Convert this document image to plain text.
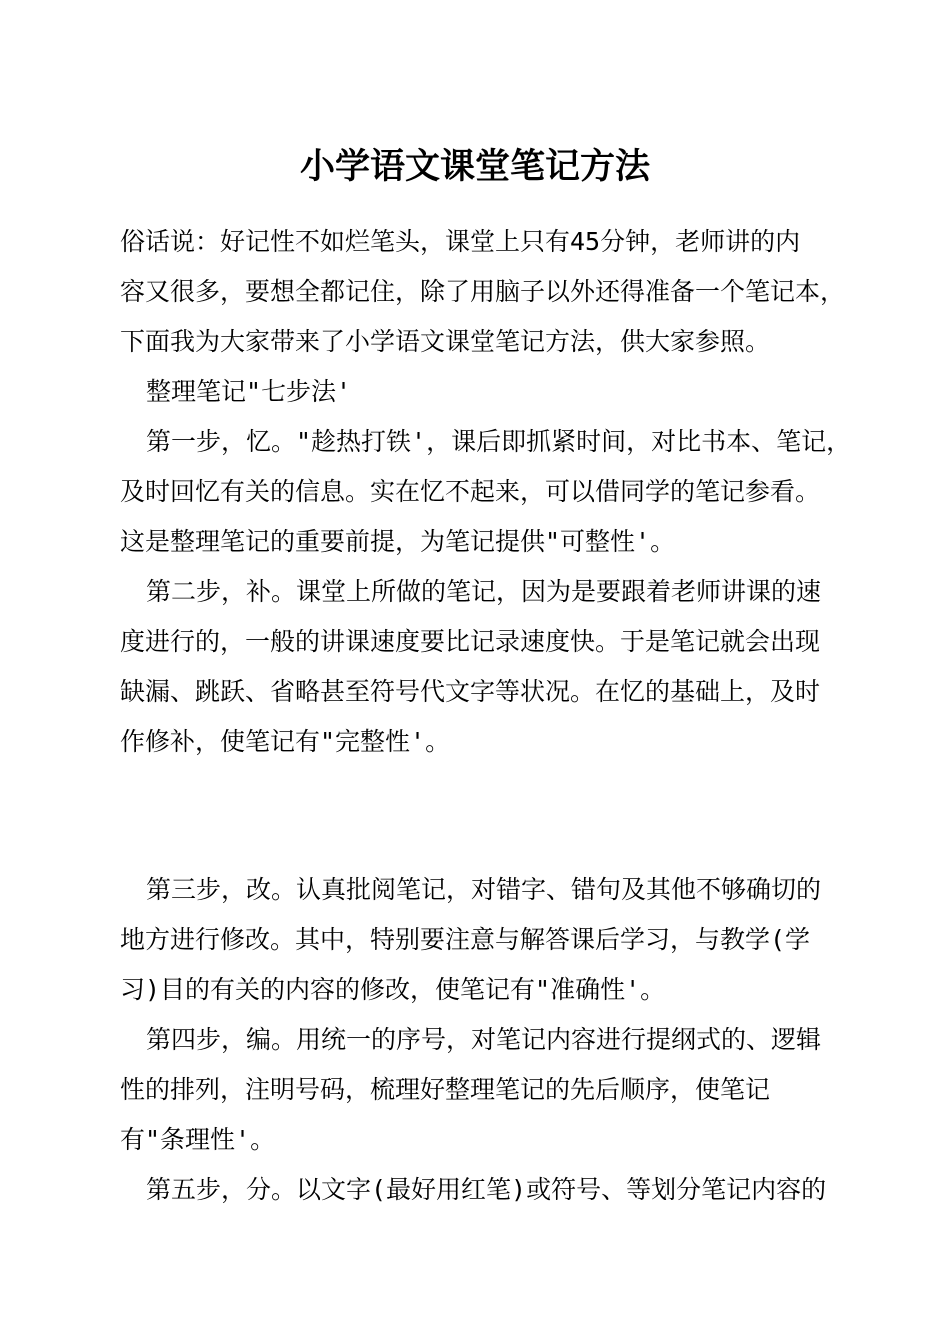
小学语文课堂笔记方法

俗话说：好记性不如烂笔头，课堂上只有45分钟，老师讲的内

容又很多，要想全都记住，除了用脑子以外还得准备一个笔记本，

下面我为大家带来了小学语文课堂笔记方法，供大家参照。

整理笔记"七步法'

第一步，忆。"趁热打铁'，课后即抓紧时间，对比书本、笔记，

及时回忆有关的信息。实在忆不起来，可以借同学的笔记参看。

这是整理笔记的重要前提，为笔记提供"可整性'。

第二步，补。课堂上所做的笔记，因为是要跟着老师讲课的速

度进行的，一般的讲课速度要比记录速度快。于是笔记就会出现

缺漏、跳跃、省略甚至符号代文字等状况。在忆的基础上，及时

作修补，使笔记有"完整性'。

第三步，改。认真批阅笔记，对错字、错句及其他不够确切的

地方进行修改。其中，特别要注意与解答课后学习，与教学(学

习)目的有关的内容的修改，使笔记有"准确性'。

第四步，编。用统一的序号，对笔记内容进行提纲式的、逻辑

性的排列，注明号码，梳理好整理笔记的先后顺序，使笔记

有"条理性'。

第五步，分。以文字(最好用红笔)或符号、等划分笔记内容的
